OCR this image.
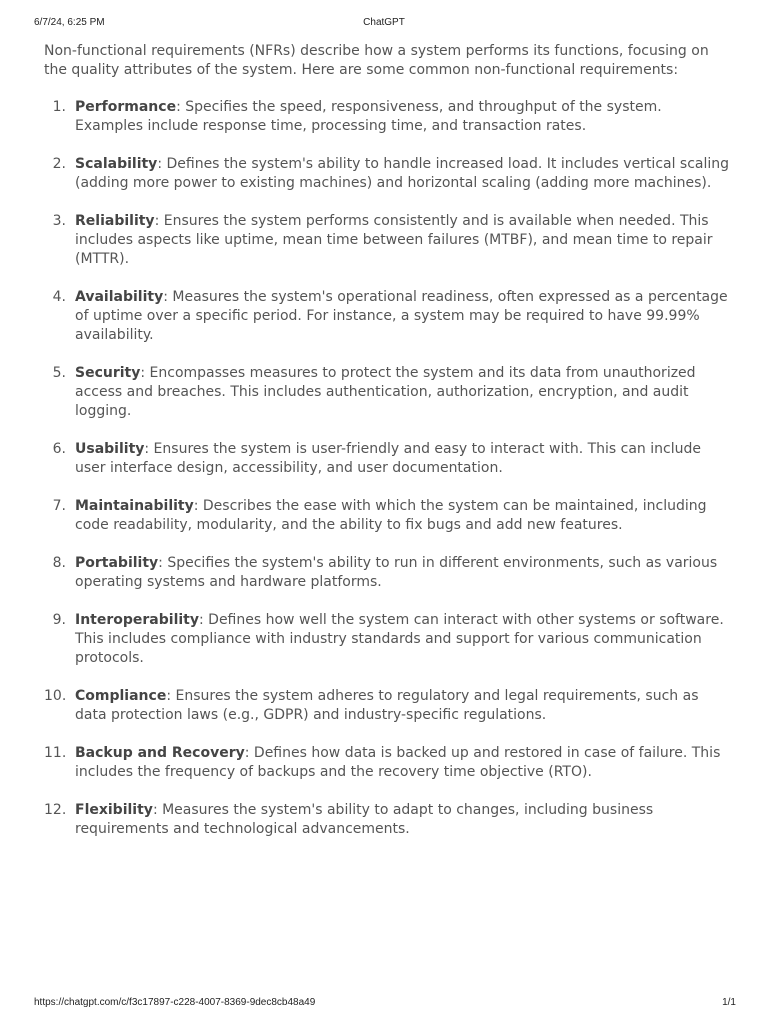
6/7/24, 6:25 PM	ChatGPT

Non-functional requirements (NFRs) describe how a system performs its functions, focusing on the quality attributes of the system. Here are some common non-functional requirements:

1. Performance: Specifies the speed, responsiveness, and throughput of the system. Examples include response time, processing time, and transaction rates.
2. Scalability: Defines the system's ability to handle increased load. It includes vertical scaling (adding more power to existing machines) and horizontal scaling (adding more machines).
3. Reliability: Ensures the system performs consistently and is available when needed. This includes aspects like uptime, mean time between failures (MTBF), and mean time to repair (MTTR).
4. Availability: Measures the system's operational readiness, often expressed as a percentage of uptime over a specific period. For instance, a system may be required to have 99.99% availability.
5. Security: Encompasses measures to protect the system and its data from unauthorized access and breaches. This includes authentication, authorization, encryption, and audit logging.
6. Usability: Ensures the system is user-friendly and easy to interact with. This can include user interface design, accessibility, and user documentation.
7. Maintainability: Describes the ease with which the system can be maintained, including code readability, modularity, and the ability to fix bugs and add new features.
8. Portability: Specifies the system's ability to run in different environments, such as various operating systems and hardware platforms.
9. Interoperability: Defines how well the system can interact with other systems or software. This includes compliance with industry standards and support for various communication protocols.
10. Compliance: Ensures the system adheres to regulatory and legal requirements, such as data protection laws (e.g., GDPR) and industry-specific regulations.
11. Backup and Recovery: Defines how data is backed up and restored in case of failure. This includes the frequency of backups and the recovery time objective (RTO).
12. Flexibility: Measures the system's ability to adapt to changes, including business requirements and technological advancements.
https://chatgpt.com/c/f3c17897-c228-4007-8369-9dec8cb48a49	1/1
